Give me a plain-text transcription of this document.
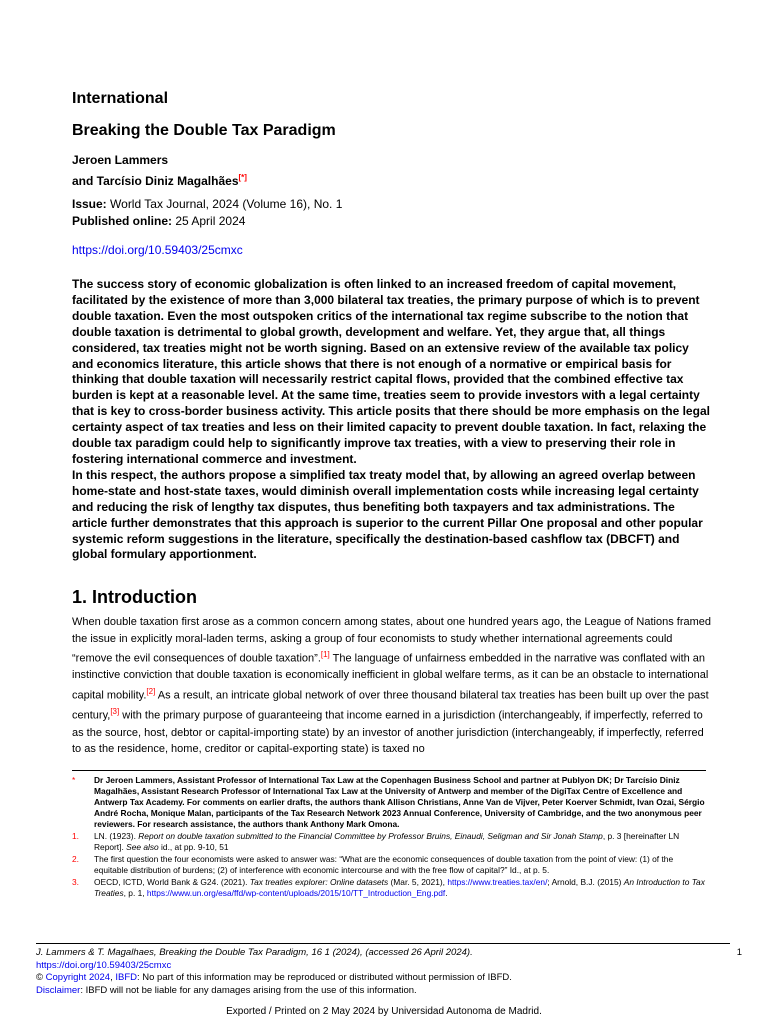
International
Breaking the Double Tax Paradigm
Jeroen Lammers
and Tarcísio Diniz Magalhães[*]
Issue: World Tax Journal, 2024 (Volume 16), No. 1
Published online: 25 April 2024
https://doi.org/10.59403/25cmxc

The success story of economic globalization is often linked to an increased freedom of capital movement, facilitated by the existence of more than 3,000 bilateral tax treaties, the primary purpose of which is to prevent double taxation. Even the most outspoken critics of the international tax regime subscribe to the notion that double taxation is detrimental to global growth, development and welfare. Yet, they argue that, all things considered, tax treaties might not be worth signing. Based on an extensive review of the available tax policy and economics literature, this article shows that there is not enough of a normative or empirical basis for thinking that double taxation will necessarily restrict capital flows, provided that the combined effective tax burden is kept at a reasonable level. At the same time, treaties seem to provide investors with a legal certainty that is key to cross-border business activity. This article posits that there should be more emphasis on the legal certainty aspect of tax treaties and less on their limited capacity to prevent double taxation. In fact, relaxing the double tax paradigm could help to significantly improve tax treaties, with a view to preserving their role in fostering international commerce and investment.

In this respect, the authors propose a simplified tax treaty model that, by allowing an agreed overlap between home-state and host-state taxes, would diminish overall implementation costs while increasing legal certainty and reducing the risk of lengthy tax disputes, thus benefiting both taxpayers and tax administrations. The article further demonstrates that this approach is superior to the current Pillar One proposal and other popular systemic reform suggestions in the literature, specifically the destination-based cashflow tax (DBCFT) and global formulary apportionment.

1. Introduction

When double taxation first arose as a common concern among states, about one hundred years ago, the League of Nations framed the issue in explicitly moral-laden terms, asking a group of four economists to study whether international agreements could “remove the evil consequences of double taxation”.[1] The language of unfairness embedded in the narrative was conflated with an instinctive conviction that double taxation is economically inefficient in global welfare terms, as it can be an obstacle to international capital mobility.[2] As a result, an intricate global network of over three thousand bilateral tax treaties has been built up over the past century,[3] with the primary purpose of guaranteeing that income earned in a jurisdiction (interchangeably, if imperfectly, referred to as the source, host, debtor or capital-importing state) by an investor of another jurisdiction (interchangeably, if imperfectly, referred to as the residence, home, creditor or capital-exporting state) is taxed no

*	Dr Jeroen Lammers, Assistant Professor of International Tax Law at the Copenhagen Business School and partner at Publyon DK; Dr Tarcísio Diniz Magalhães, Assistant Research Professor of International Tax Law at the University of Antwerp and member of the DigiTax Centre of Excellence and Antwerp Tax Academy. For comments on earlier drafts, the authors thank Allison Christians, Anne Van de Vijver, Peter Koerver Schmidt, Ivan Ozai, Sérgio André Rocha, Monique Malan, participants of the Tax Research Network 2023 Annual Conference, University of Cambridge, and the two anonymous peer reviewers. For research assistance, the authors thank Anthony Mark Omona.
1.	LN. (1923). Report on double taxation submitted to the Financial Committee by Professor Bruins, Einaudi, Seligman and Sir Jonah Stamp, p. 3 [hereinafter LN Report]. See also id., at pp. 9-10, 51
2.	The first question the four economists were asked to answer was: “What are the economic consequences of double taxation from the point of view: (1) of the equitable distribution of burdens; (2) of interference with economic intercourse and with the free flow of capital?” Id., at p. 5.
3.	OECD, ICTD, World Bank & G24. (2021). Tax treaties explorer: Online datasets (Mar. 5, 2021), https://www.treaties.tax/en/; Arnold, B.J. (2015) An Introduction to Tax Treaties, p. 1, https://www.un.org/esa/ffd/wp-content/uploads/2015/10/TT_Introduction_Eng.pdf.
J. Lammers & T. Magalhaes, Breaking the Double Tax Paradigm, 16 1 (2024), (accessed 26 April 2024).
https://doi.org/10.59403/25cmxc
© Copyright 2024, IBFD: No part of this information may be reproduced or distributed without permission of IBFD.
Disclaimer: IBFD will not be liable for any damages arising from the use of this information.
1
Exported / Printed on 2 May 2024 by Universidad Autonoma de Madrid.
